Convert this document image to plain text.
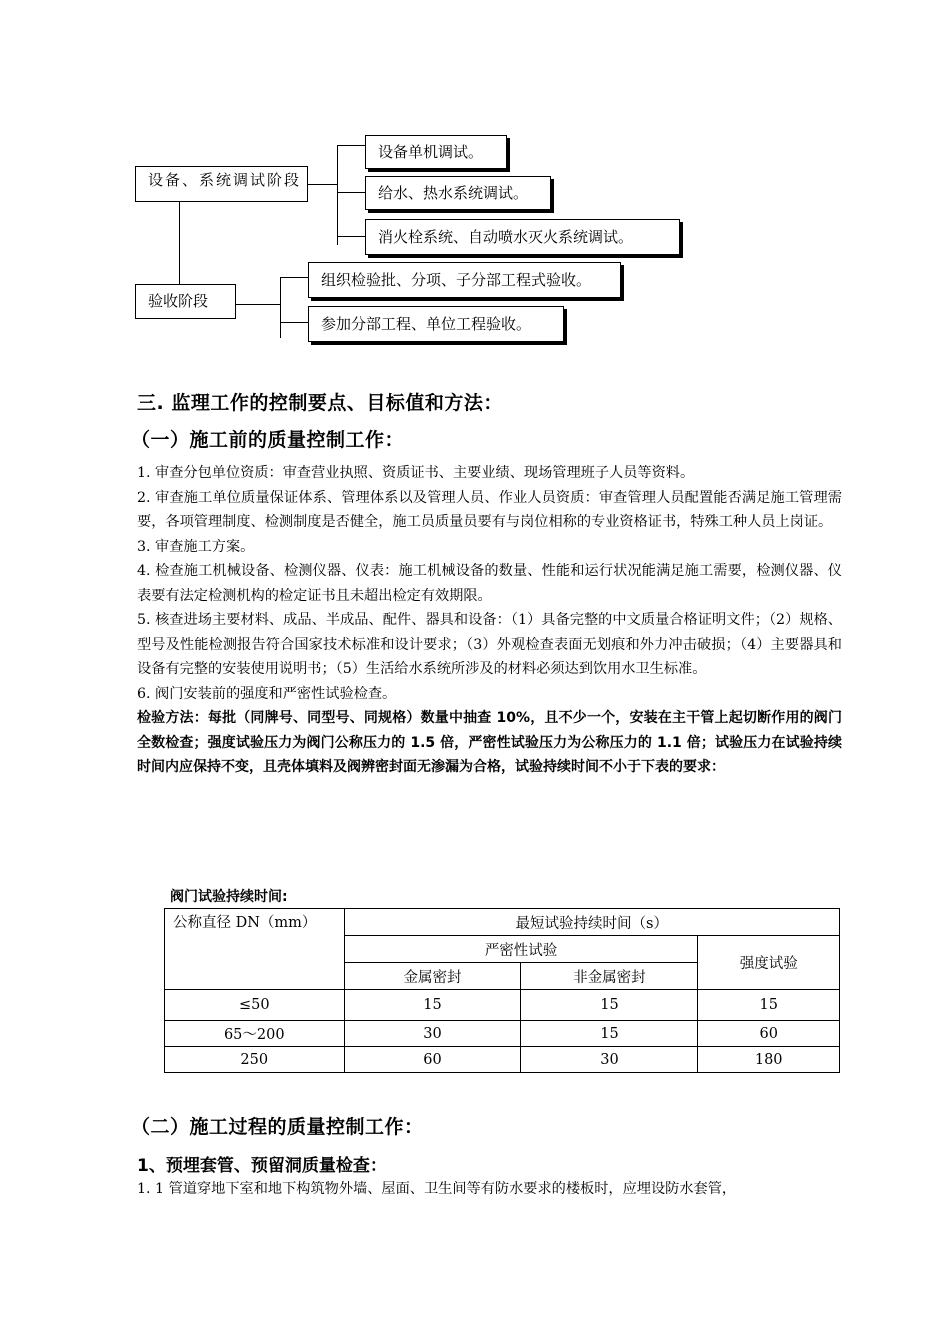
设备、系统调试阶段
设备单机调试。
给水、热水系统调试。
消火栓系统、自动喷水灭火系统调试。
验收阶段
组织检验批、分项、子分部工程式验收。
参加分部工程、单位工程验收。
三. 监理工作的控制要点、目标值和方法：
（一）施工前的质量控制工作：

1. 审查分包单位资质：审查营业执照、资质证书、主要业绩、现场管理班子人员等资料。

2. 审查施工单位质量保证体系、管理体系以及管理人员、作业人员资质：审查管理人员配置能否满足施工管理需要，各项管理制度、检测制度是否健全，施工员质量员要有与岗位相称的专业资格证书，特殊工种人员上岗证。

3. 审查施工方案。

4. 检查施工机械设备、检测仪器、仪表：施工机械设备的数量、性能和运行状况能满足施工需要，检测仪器、仪表要有法定检测机构的检定证书且未超出检定有效期限。

5. 核查进场主要材料、成品、半成品、配件、器具和设备：（1）具备完整的中文质量合格证明文件；（2）规格、型号及性能检测报告符合国家技术标准和设计要求；（3）外观检查表面无划痕和外力冲击破损；（4）主要器具和设备有完整的安装使用说明书；（5）生活给水系统所涉及的材料必须达到饮用水卫生标准。

6. 阀门安装前的强度和严密性试验检查。

检验方法：每批（同牌号、同型号、同规格）数量中抽查 10%，且不少一个，安装在主干管上起切断作用的阀门全数检查；强度试验压力为阀门公称压力的 1.5 倍，严密性试验压力为公称压力的 1.1 倍；试验压力在试验持续时间内应保持不变，且壳体填料及阀辨密封面无渗漏为合格，试验持续时间不小于下表的要求：

阀门试验持续时间:
公称直径 DN（mm）	最短试验持续时间（s）		
	严密性试验		强度试验
	金属密封	非金属密封	
≤50	15	15	15
65～200	30	15	60
250	60	30	180
（二）施工过程的质量控制工作：
1、预埋套管、预留洞质量检查：

1. 1 管道穿地下室和地下构筑物外墙、屋面、卫生间等有防水要求的楼板时，应埋设防水套管，
